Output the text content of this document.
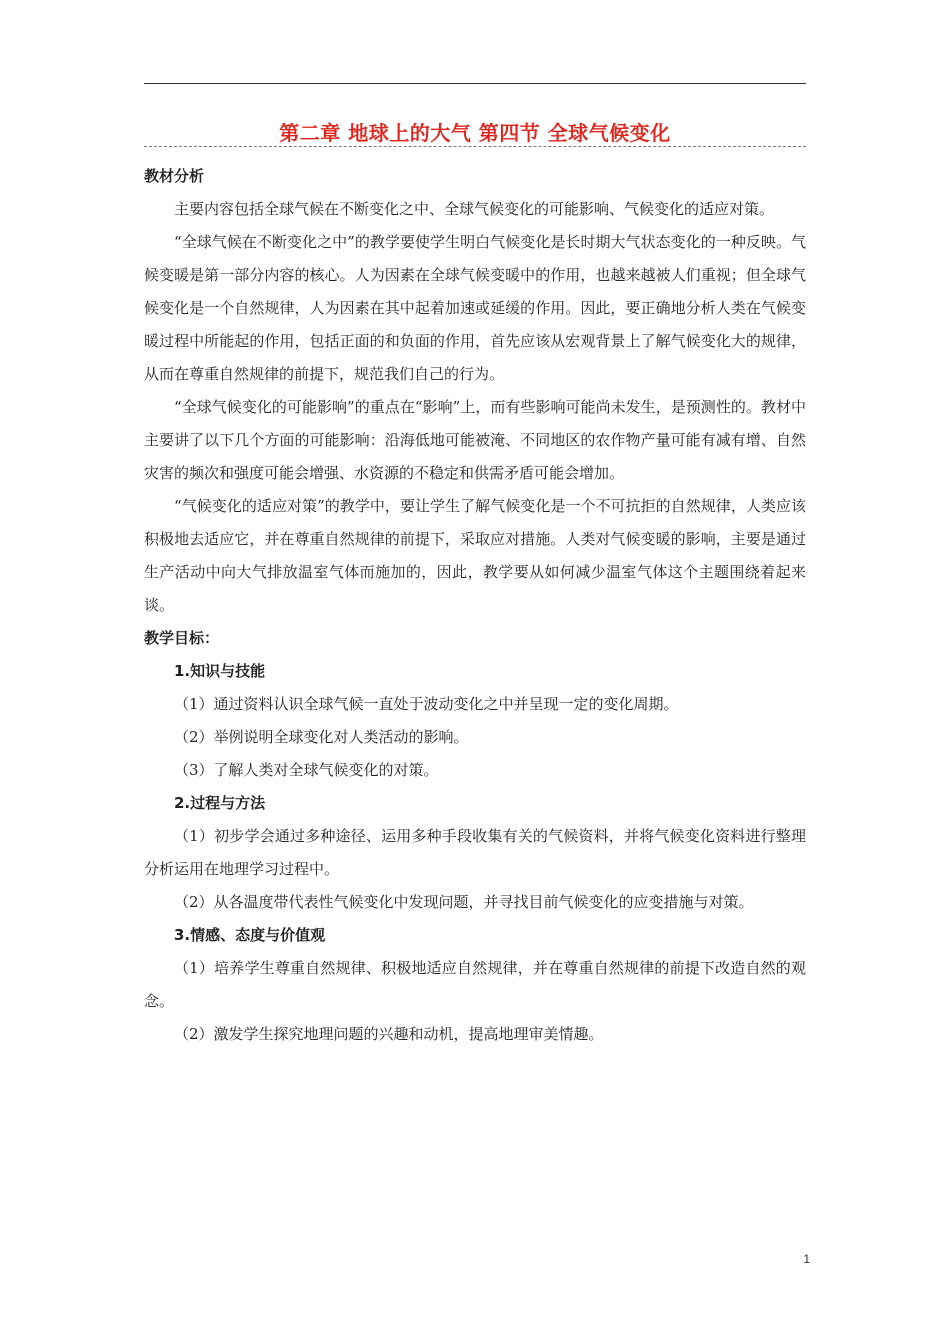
第二章 地球上的大气 第四节 全球气候变化

教材分析

主要内容包括全球气候在不断变化之中、全球气候变化的可能影响、气候变化的适应对策。

“全球气候在不断变化之中”的教学要使学生明白气候变化是长时期大气状态变化的一种反映。气候变暖是第一部分内容的核心。人为因素在全球气候变暖中的作用，也越来越被人们重视；但全球气候变化是一个自然规律，人为因素在其中起着加速或延缓的作用。因此，要正确地分析人类在气候变暖过程中所能起的作用，包括正面的和负面的作用，首先应该从宏观背景上了解气候变化大的规律，从而在尊重自然规律的前提下，规范我们自己的行为。

“全球气候变化的可能影响”的重点在“影响”上，而有些影响可能尚未发生，是预测性的。教材中主要讲了以下几个方面的可能影响：沿海低地可能被淹、不同地区的农作物产量可能有减有增、自然灾害的频次和强度可能会增强、水资源的不稳定和供需矛盾可能会增加。

“气候变化的适应对策”的教学中，要让学生了解气候变化是一个不可抗拒的自然规律，人类应该积极地去适应它，并在尊重自然规律的前提下，采取应对措施。人类对气候变暖的影响，主要是通过生产活动中向大气排放温室气体而施加的，因此，教学要从如何减少温室气体这个主题围绕着起来谈。

教学目标：

1.知识与技能

（1）通过资料认识全球气候一直处于波动变化之中并呈现一定的变化周期。

（2）举例说明全球变化对人类活动的影响。

（3）了解人类对全球气候变化的对策。

2.过程与方法

（1）初步学会通过多种途径、运用多种手段收集有关的气候资料，并将气候变化资料进行整理分析运用在地理学习过程中。

（2）从各温度带代表性气候变化中发现问题，并寻找目前气候变化的应变措施与对策。

3.情感、态度与价值观

（1）培养学生尊重自然规律、积极地适应自然规律，并在尊重自然规律的前提下改造自然的观念。

（2）激发学生探究地理问题的兴趣和动机，提高地理审美情趣。

1
